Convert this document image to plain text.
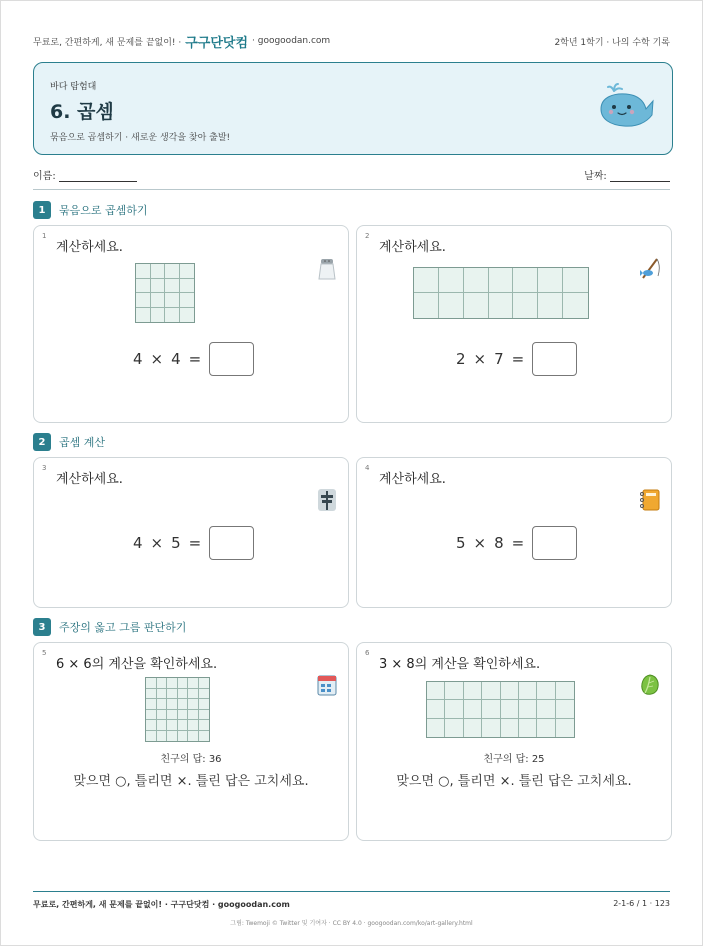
무료로, 간편하게, 새 문제를 끝없이! · 구구단닷컴 · googoodan.com	2학년 1학기 · 나의 수학 기록
바다 탐험대
6. 곱셈
묶음으로 곱셈하기 · 새로운 생각을 찾아 출발!
이름:	날짜:
1	묶음으로 곱셈하기
1
계산하세요.
4 × 4 =
2
계산하세요.
2 × 7 =
2	곱셈 계산
3
계산하세요.
4 × 5 =
4
계산하세요.
5 × 8 =
3	주장의 옳고 그름 판단하기
5
6 × 6의 계산을 확인하세요.
친구의 답: 36
맞으면 ○, 틀리면 ×. 틀린 답은 고치세요.
6
3 × 8의 계산을 확인하세요.
친구의 답: 25
맞으면 ○, 틀리면 ×. 틀린 답은 고치세요.
무료로, 간편하게, 새 문제를 끝없이! · 구구단닷컴 · googoodan.com	2-1-6 / 1 · 123
그림: Twemoji © Twitter 및 기여자 · CC BY 4.0 · googoodan.com/ko/art-gallery.html
